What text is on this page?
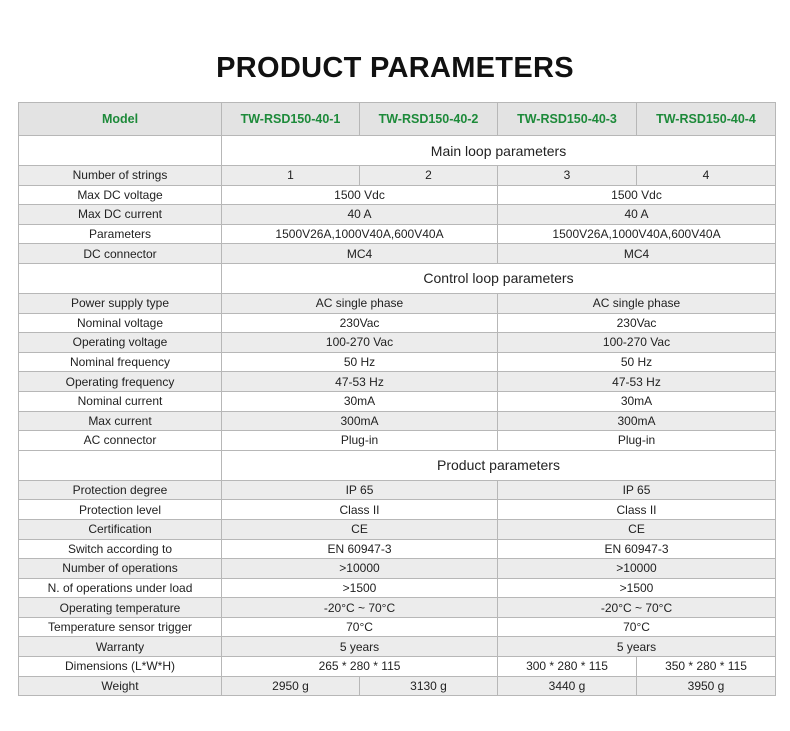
PRODUCT PARAMETERS
Model	TW-RSD150-40-1	TW-RSD150-40-2	TW-RSD150-40-3	TW-RSD150-40-4
	Main loop parameters			
Number of strings	1	2	3	4
Max DC voltage	1500 Vdc		1500 Vdc	
Max DC current	40 A		40 A	
Parameters	1500V26A,1000V40A,600V40A		1500V26A,1000V40A,600V40A	
DC connector	MC4		MC4	
	Control loop parameters			
Power supply type	AC single phase		AC single phase	
Nominal voltage	230Vac		230Vac	
Operating voltage	100-270 Vac		100-270 Vac	
Nominal frequency	50 Hz		50 Hz	
Operating frequency	47-53 Hz		47-53 Hz	
Nominal current	30mA		30mA	
Max current	300mA		300mA	
AC connector	Plug-in		Plug-in	
	Product parameters			
Protection degree	IP 65		IP 65	
Protection level	Class II		Class II	
Certification	CE		CE	
Switch according to	EN 60947-3		EN 60947-3	
Number of operations	>10000		>10000	
N. of operations under load	>1500		>1500	
Operating temperature	-20°C ~ 70°C		-20°C ~ 70°C	
Temperature sensor trigger	70°C		70°C	
Warranty	5 years		5 years	
Dimensions (L*W*H)	265 * 280 * 115		300 * 280 * 115	350 * 280 * 115
Weight	2950 g	3130 g	3440 g	3950 g
